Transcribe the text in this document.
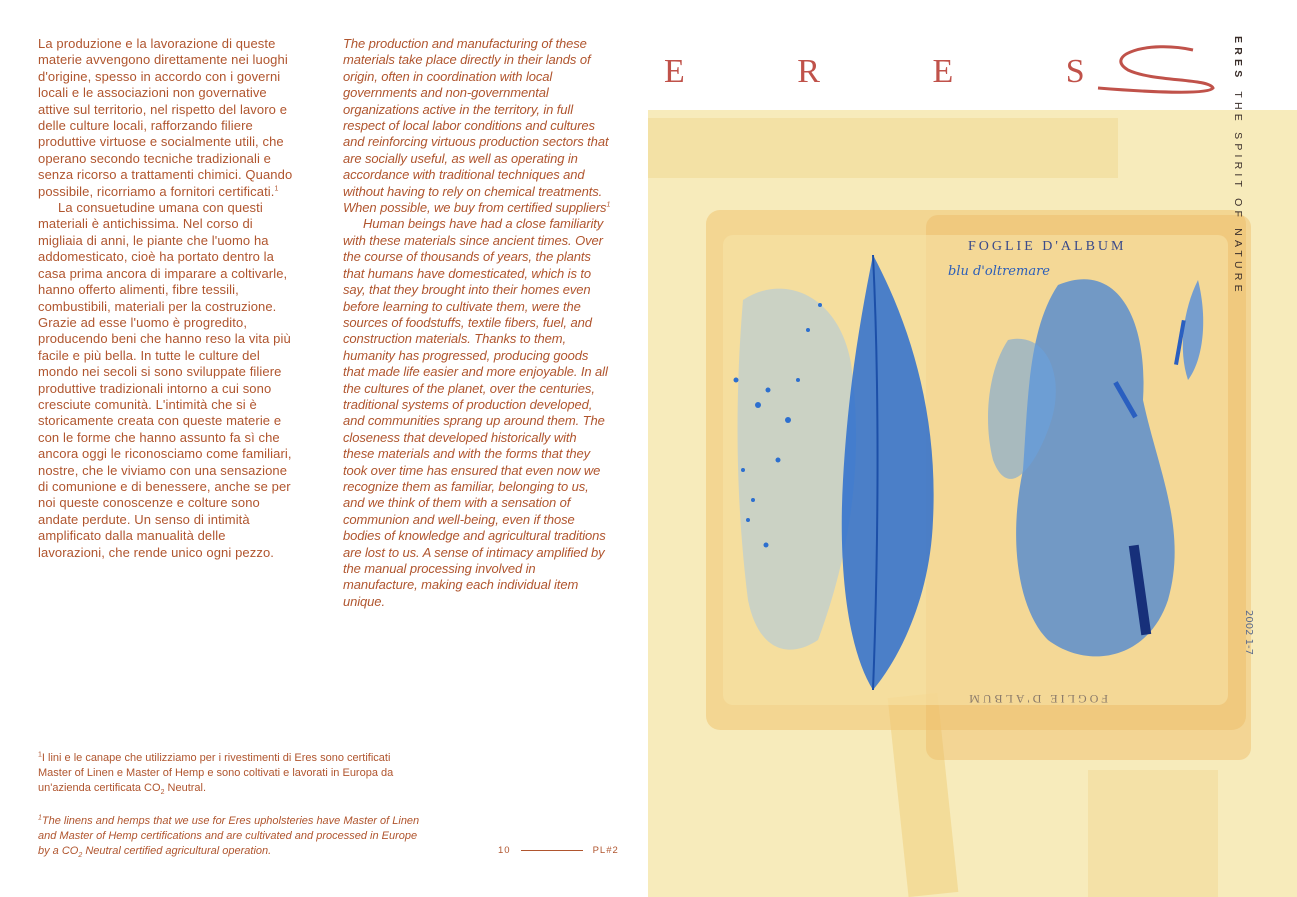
La produzione e la lavorazione di queste materie avvengono direttamente nei luoghi d'origine, spesso in accordo con i governi locali e le associazioni non governative attive sul territorio, nel rispetto del lavoro e delle culture locali, rafforzando filiere produttive virtuose e socialmente utili, che operano secondo tecniche tradizionali e senza ricorso a trattamenti chimici. Quando possibile, ricorriamo a fornitori certificati.$^1$

La consuetudine umana con questi materiali è antichissima. Nel corso di migliaia di anni, le piante che l'uomo ha addomesticato, cioè ha portato dentro la casa prima ancora di imparare a coltivarle, hanno offerto alimenti, fibre tessili, combustibili, materiali per la costruzione. Grazie ad esse l'uomo è progredito, producendo beni che hanno reso la vita più facile e più bella. In tutte le culture del mondo nei secoli si sono sviluppate filiere produttive tradizionali intorno a cui sono cresciute comunità. L'intimità che si è storicamente creata con queste materie e con le forme che hanno assunto fa sì che ancora oggi le riconosciamo come familiari, nostre, che le viviamo con una sensazione di comunione e di benessere, anche se per noi queste conoscenze e colture sono andate perdute. Un senso di intimità amplificato dalla manualità delle lavorazioni, che rende unico ogni pezzo.

The production and manufacturing of these materials take place directly in their lands of origin, often in coordination with local governments and non-governmental organizations active in the territory, in full respect of local labor conditions and cultures and reinforcing virtuous production sectors that are socially useful, as well as operating in accordance with traditional techniques and without having to rely on chemical treatments. When possible, we buy from certified suppliers$^1$

Human beings have had a close familiarity with these materials since ancient times. Over the course of thousands of years, the plants that humans have domesticated, which is to say, that they brought into their homes even before learning to cultivate them, were the sources of foodstuffs, textile fibers, fuel, and construction materials. Thanks to them, humanity has progressed, producing goods that made life easier and more enjoyable. In all the cultures of the planet, over the centuries, traditional systems of production developed, and communities sprang up around them. The closeness that developed historically with these materials and with the forms that they took over time has ensured that even now we recognize them as familiar, belonging to us, and we think of them with a sensation of communion and well-being, even if those bodies of knowledge and agricultural traditions are lost to us. A sense of intimacy amplified by the manual processing involved in manufacture, making each individual item unique.

$^1$I lini e le canape che utilizziamo per i rivestimenti di Eres sono certificati Master of Linen e Master of Hemp e sono coltivati e lavorati in Europa da un'azienda certificata $CO_2$ Neutral.

$^1$The linens and hemps that we use for Eres upholsteries have Master of Linen and Master of Hemp certifications and are cultivated and processed in Europe by a $CO_2$ Neutral certified agricultural operation.	10	PL#2
E R E S
FOGLIE D'ALBUM
blu d'oltremare
FOGLIE D'ALBUM
2002 1-7
ERESTHE SPIRIT OF NATURE
